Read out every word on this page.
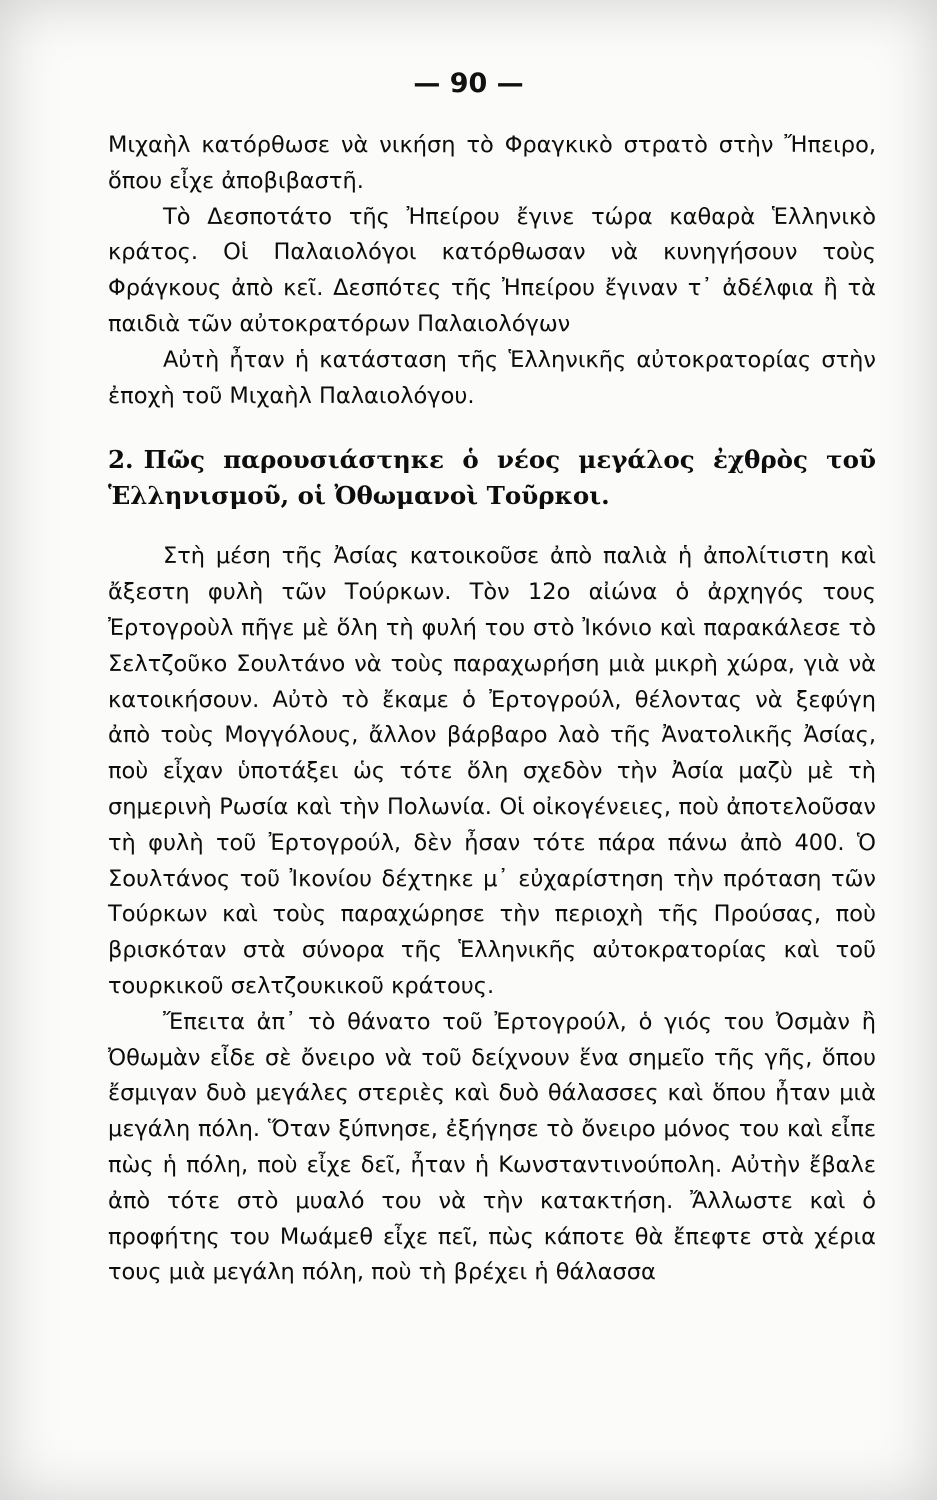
— 90 —

Μιχαὴλ κατόρθωσε νὰ νικήση τὸ Φραγκικὸ στρατὸ στὴν Ἤπειρο, ὅπου εἶχε ἀποβιβαστῆ.

Τὸ Δεσποτάτο τῆς Ἠπείρου ἔγινε τώρα καθαρὰ Ἑλληνικὸ κράτος. Οἱ Παλαιολόγοι κατόρθωσαν νὰ κυνηγήσουν τοὺς Φράγκους ἀπὸ κεῖ. Δεσπότες τῆς Ἠπείρου ἔγιναν τ᾽ ἀδέλφια ἢ τὰ παιδιὰ τῶν αὐτοκρατόρων Παλαιολόγων

Αὐτὴ ἦταν ἡ κατάσταση τῆς Ἑλληνικῆς αὐτοκρατορίας στὴν ἐποχὴ τοῦ Μιχαὴλ Παλαιολόγου.

2. Πῶς παρουσιάστηκε ὁ νέος μεγάλος ἐχθρὸς τοῦ Ἑλληνισμοῦ, οἱ Ὀθωμανοὶ Τοῦρκοι.

Στὴ μέση τῆς Ἀσίας κατοικοῦσε ἀπὸ παλιὰ ἡ ἀπολίτιστη καὶ ἄξεστη φυλὴ τῶν Τούρκων. Τὸν 12ο αἰώνα ὁ ἀρχηγός τους Ἐρτογροὺλ πῆγε μὲ ὅλη τὴ φυλή του στὸ Ἰκόνιο καὶ παρακάλεσε τὸ Σελτζοῦκο Σουλτάνο νὰ τοὺς παραχωρήση μιὰ μικρὴ χώρα, γιὰ νὰ κατοικήσουν. Αὐτὸ τὸ ἔκαμε ὁ Ἐρτογρούλ, θέλοντας νὰ ξεφύγη ἀπὸ τοὺς Μογγόλους, ἄλλον βάρβαρο λαὸ τῆς Ἀνατολικῆς Ἀσίας, ποὺ εἶχαν ὑποτάξει ὡς τότε ὅλη σχεδὸν τὴν Ἀσία μαζὺ μὲ τὴ σημερινὴ Ρωσία καὶ τὴν Πολωνία. Οἱ οἰκογένειες, ποὺ ἀποτελοῦσαν τὴ φυλὴ τοῦ Ἐρτογρούλ, δὲν ἦσαν τότε πάρα πάνω ἀπὸ 400. Ὁ Σουλτάνος τοῦ Ἰκονίου δέχτηκε μ᾽ εὐχαρίστηση τὴν πρόταση τῶν Τούρκων καὶ τοὺς παραχώρησε τὴν περιοχὴ τῆς Προύσας, ποὺ βρισκόταν στὰ σύνορα τῆς Ἑλληνικῆς αὐτοκρατορίας καὶ τοῦ τουρκικοῦ σελτζουκικοῦ κράτους.

Ἔπειτα ἀπ᾽ τὸ θάνατο τοῦ Ἐρτογρούλ, ὁ γιός του Ὀσμὰν ἢ Ὀθωμὰν εἶδε σὲ ὄνειρο νὰ τοῦ δείχνουν ἕνα σημεῖο τῆς γῆς, ὅπου ἔσμιγαν δυὸ μεγάλες στεριὲς καὶ δυὸ θάλασσες καὶ ὅπου ἦταν μιὰ μεγάλη πόλη. Ὅταν ξύπνησε, ἐξήγησε τὸ ὄνειρο μόνος του καὶ εἶπε πὼς ἡ πόλη, ποὺ εἶχε δεῖ, ἦταν ἡ Κωνσταντινούπολη. Αὐτὴν ἔβαλε ἀπὸ τότε στὸ μυαλό του νὰ τὴν κατακτήση. Ἄλλωστε καὶ ὁ προφήτης του Μωάμεθ εἶχε πεῖ, πὼς κάποτε θὰ ἔπεφτε στὰ χέρια τους μιὰ μεγάλη πόλη, ποὺ τὴ βρέχει ἡ θάλασσα
